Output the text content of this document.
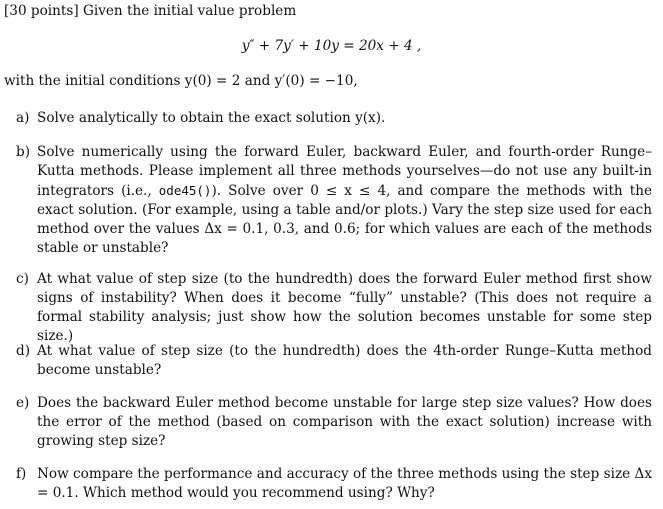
[30 points] Given the initial value problem
y″ + 7y′ + 10y = 20x + 4 ,
with the initial conditions y(0) = 2 and y′(0) = −10,
a) Solve analytically to obtain the exact solution y(x).
b) Solve numerically using the forward Euler, backward Euler, and fourth-order Runge–Kutta methods. Please implement all three methods yourselves—do not use any built-in integrators (i.e., ode45()). Solve over 0 ≤ x ≤ 4, and compare the methods with the exact solution. (For example, using a table and/or plots.) Vary the step size used for each method over the values Δx = 0.1, 0.3, and 0.6; for which values are each of the methods stable or unstable?
c) At what value of step size (to the hundredth) does the forward Euler method first show signs of instability? When does it become “fully” unstable? (This does not require a formal stability analysis; just show how the solution becomes unstable for some step size.)
d) At what value of step size (to the hundredth) does the 4th-order Runge–Kutta method become unstable?
e) Does the backward Euler method become unstable for large step size values? How does the error of the method (based on comparison with the exact solution) increase with growing step size?
f) Now compare the performance and accuracy of the three methods using the step size Δx = 0.1. Which method would you recommend using? Why?
